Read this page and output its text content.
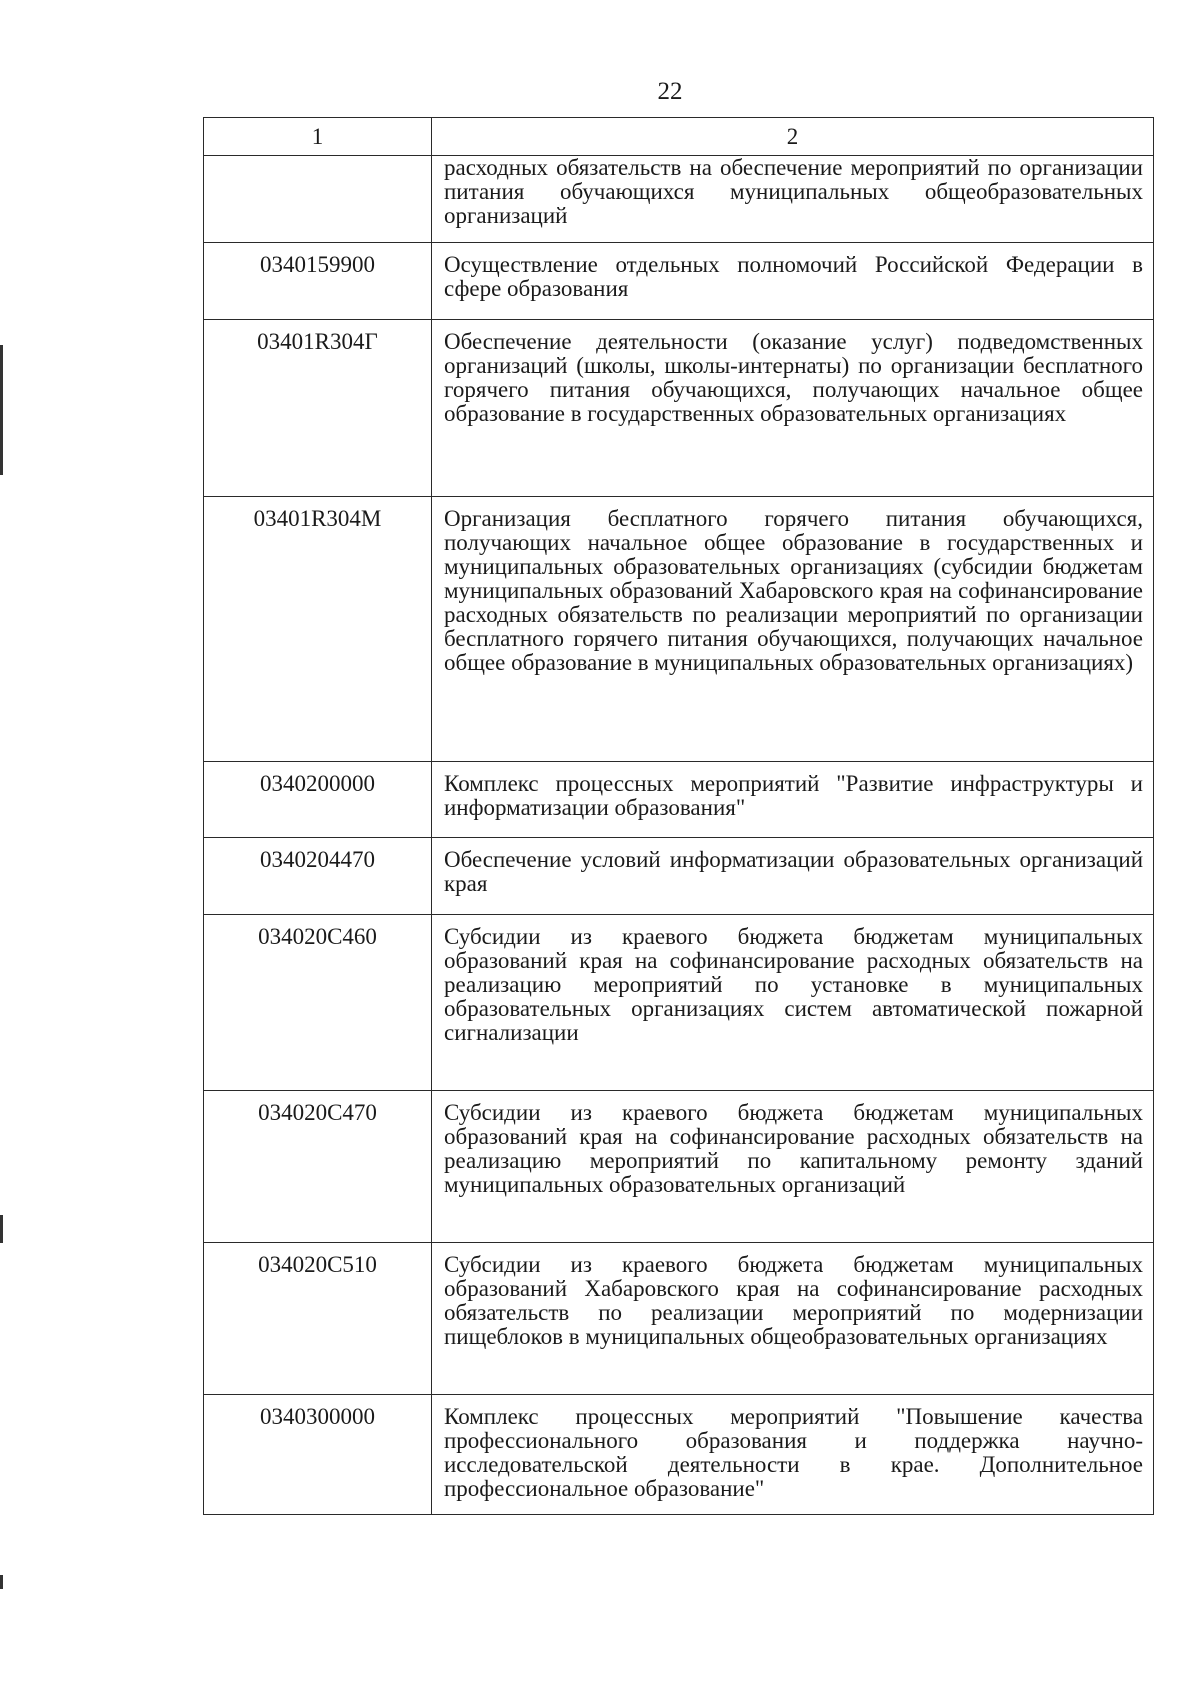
22
1	2
	расходных обязательств на обеспечение мероприятий по организации питания обучающихся муниципальных общеобразовательных организаций
0340159900	Осуществление отдельных полномочий Российской Федерации в сфере образования
03401R304Г	Обеспечение деятельности (оказание услуг) подведомственных организаций (школы, школы-интернаты) по организации бесплатного горячего питания обучающихся, получающих начальное общее образование в государственных образовательных организациях
03401R304М	Организация бесплатного горячего питания обучающихся, получающих начальное общее образование в государственных и муниципальных образовательных организациях (субсидии бюджетам муниципальных образований Хабаровского края на софинансирование расходных обязательств по реализации мероприятий по организации бесплатного горячего питания обучающихся, получающих начальное общее образование в муниципальных образовательных организациях)
0340200000	Комплекс процессных мероприятий "Развитие инфраструктуры и информатизации образования"
0340204470	Обеспечение условий информатизации образовательных организаций края
034020С460	Субсидии из краевого бюджета бюджетам муниципальных образований края на софинансирование расходных обязательств на реализацию мероприятий по установке в муниципальных образовательных организациях систем автоматической пожарной сигнализации
034020С470	Субсидии из краевого бюджета бюджетам муниципальных образований края на софинансирование расходных обязательств на реализацию мероприятий по капитальному ремонту зданий муниципальных образовательных организаций
034020С510	Субсидии из краевого бюджета бюджетам муниципальных образований Хабаровского края на софинансирование расходных обязательств по реализации мероприятий по модернизации пищеблоков в муниципальных общеобразовательных организациях
0340300000	Комплекс процессных мероприятий "Повышение качества профессионального образования и поддержка научно-исследовательской деятельности в крае. Дополнительное профессиональное образование"
